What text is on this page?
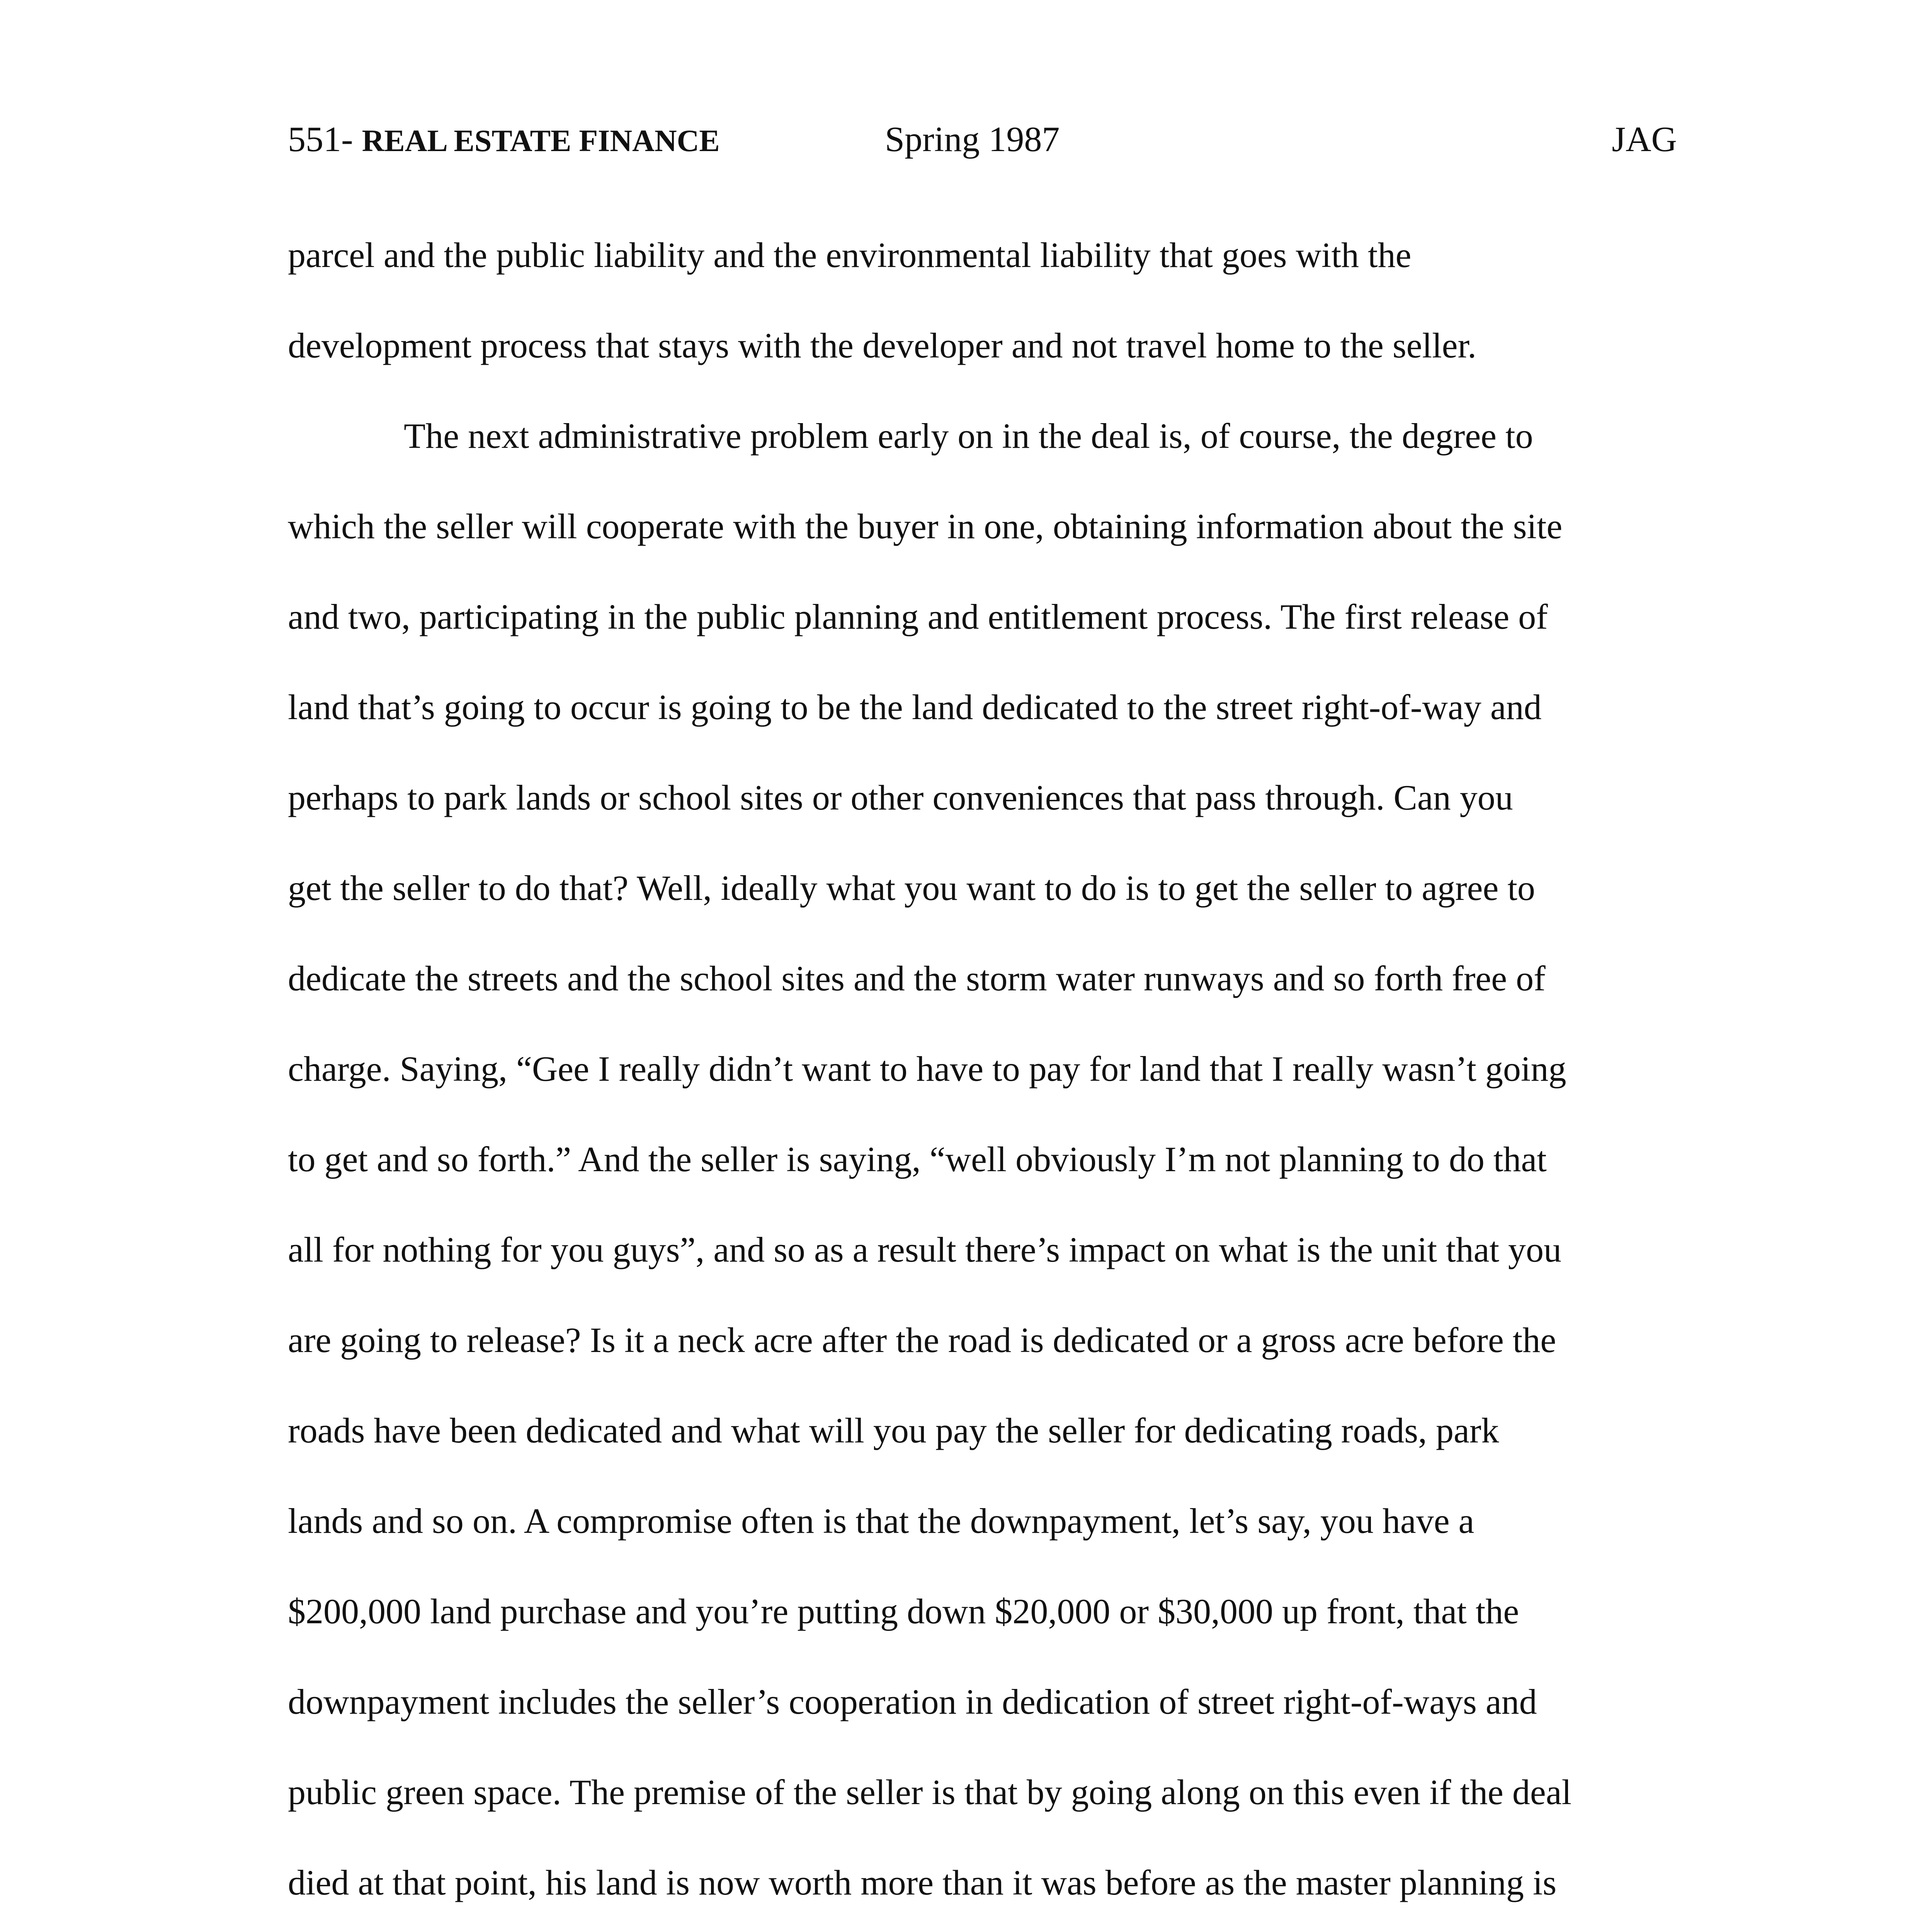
551- REAL ESTATE FINANCE	Spring 1987	JAG
parcel and the public liability and the environmental liability that goes with the
development process that stays with the developer and not travel home to the seller.
The next administrative problem early on in the deal is, of course, the degree to
which the seller will cooperate with the buyer in one, obtaining information about the site
and two, participating in the public planning and entitlement process. The first release of
land that’s going to occur is going to be the land dedicated to the street right-of-way and
perhaps to park lands or school sites or other conveniences that pass through. Can you
get the seller to do that? Well, ideally what you want to do is to get the seller to agree to
dedicate the streets and the school sites and the storm water runways and so forth free of
charge. Saying, “Gee I really didn’t want to have to pay for land that I really wasn’t going
to get and so forth.” And the seller is saying, “well obviously I’m not planning to do that
all for nothing for you guys”, and so as a result there’s impact on what is the unit that you
are going to release? Is it a neck acre after the road is dedicated or a gross acre before the
roads have been dedicated and what will you pay the seller for dedicating roads, park
lands and so on. A compromise often is that the downpayment, let’s say, you have a
$200,000 land purchase and you’re putting down $20,000 or $30,000 up front, that the
downpayment includes the seller’s cooperation in dedication of street right-of-ways and
public green space. The premise of the seller is that by going along on this even if the deal
died at that point, his land is now worth more than it was before as the master planning is
